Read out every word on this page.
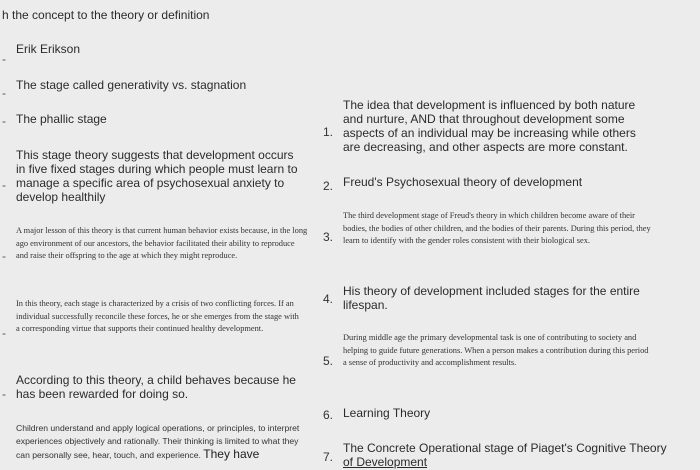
h the concept to the theory or definition
-
Erik Erikson
-
The stage called generativity vs. stagnation
- The phallic stage
-
This stage theory suggests that development occurs in five fixed stages during which people must learn to manage a specific area of psychosexual anxiety to develop healthily
-
A major lesson of this theory is that current human behavior exists because, in the long ago environment of our ancestors, the behavior facilitated their ability to reproduce and raise their offspring to the age at which they might reproduce.
-
In this theory, each stage is characterized by a crisis of two conflicting forces. If an individual successfully reconcile these forces, he or she emerges from the stage with a corresponding virtue that supports their continued healthy development.
-
According to this theory, a child behaves because he has been rewarded for doing so.
Children understand and apply logical operations, or principles, to interpret experiences objectively and rationally. Their thinking is limited to what they can personally see, hear, touch, and experience. They have
1.
The idea that development is influenced by both nature and nurture, AND that throughout development some aspects of an individual may be increasing while others are decreasing, and other aspects are more constant.
2. Freud's Psychosexual theory of development
3.
The third development stage of Freud's theory in which children become aware of their bodies, the bodies of other children, and the bodies of their parents. During this period, they learn to identify with the gender roles consistent with their biological sex.
4.
His theory of development included stages for the entire lifespan.
5.
During middle age the primary developmental task is one of contributing to society and helping to guide future generations. When a person makes a contribution during this period a sense of productivity and accomplishment results.
6. Learning Theory
7.
The Concrete Operational stage of Piaget's Cognitive Theory
of Development
